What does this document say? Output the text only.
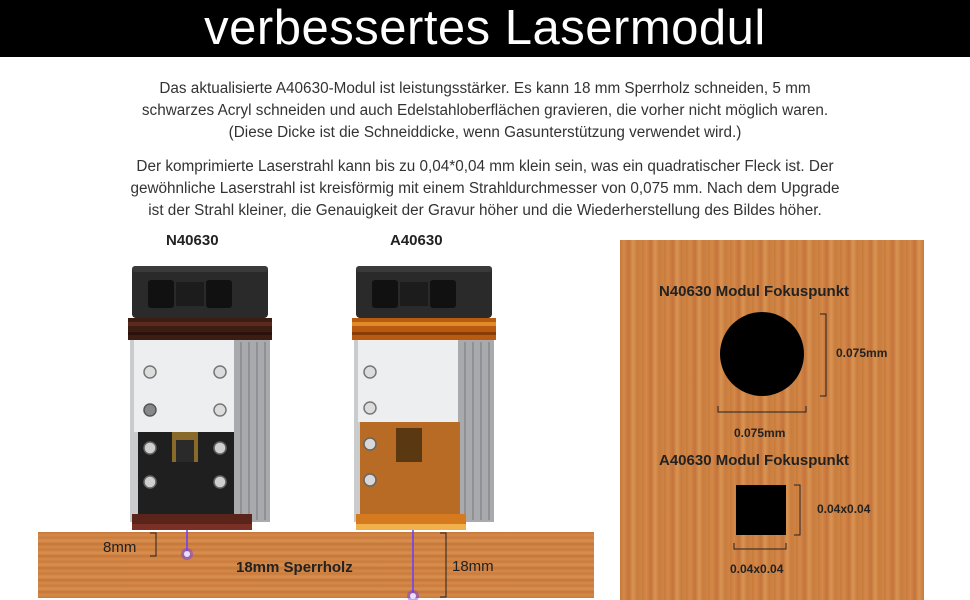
verbessertes Lasermodul
Das aktualisierte A40630-Modul ist leistungsstärker. Es kann 18 mm Sperrholz schneiden, 5 mm
schwarzes Acryl schneiden und auch Edelstahloberflächen gravieren, die vorher nicht möglich waren.
(Diese Dicke ist die Schneiddicke, wenn Gasunterstützung verwendet wird.)
Der komprimierte Laserstrahl kann bis zu 0,04*0,04 mm klein sein, was ein quadratischer Fleck ist. Der
gewöhnliche Laserstrahl ist kreisförmig mit einem Strahldurchmesser von 0,075 mm. Nach dem Upgrade
ist der Strahl kleiner, die Genauigkeit der Gravur höher und die Wiederherstellung des Bildes höher.
N40630	A40630
8mm
18mm Sperrholz	18mm
N40630 Modul Fokuspunkt
0.075mm
0.075mm
A40630 Modul Fokuspunkt
0.04x0.04
0.04x0.04
